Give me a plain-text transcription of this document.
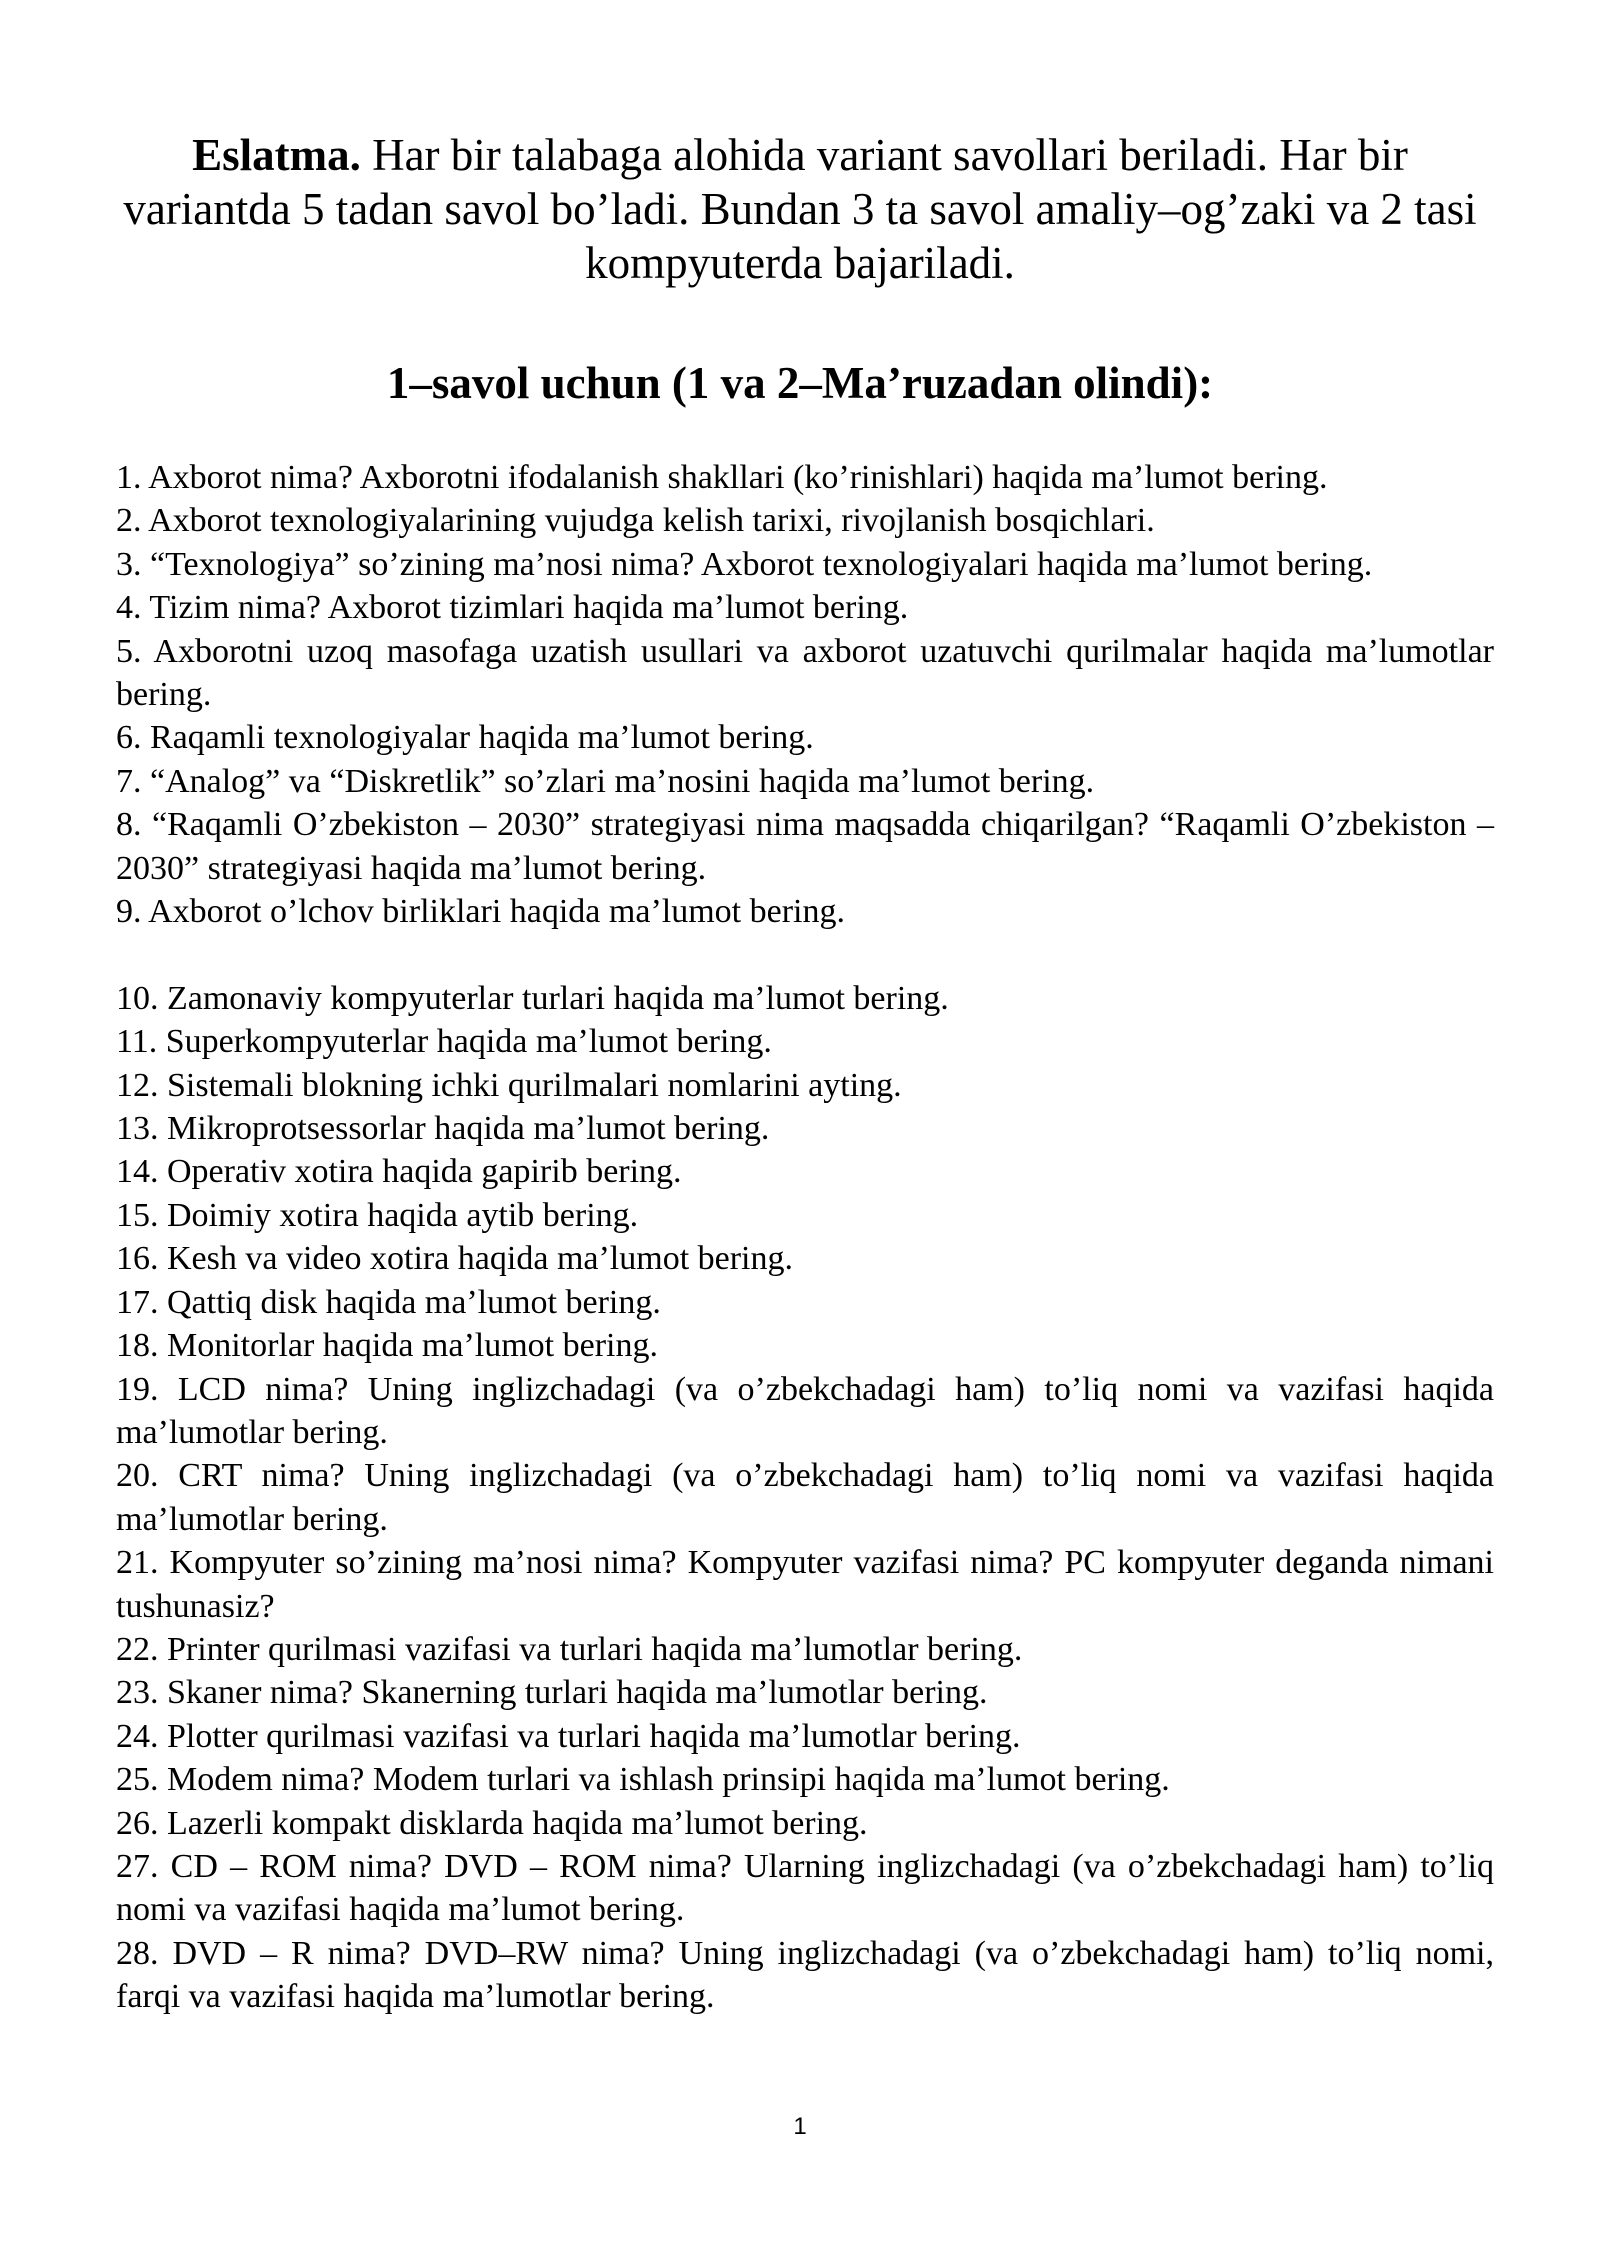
Eslatma. Har bir talabaga alohida variant savollari beriladi. Har bir variantda 5 tadan savol bo’ladi. Bundan 3 ta savol amaliy–og’zaki va 2 tasi kompyuterda bajariladi.
1–savol uchun (1 va 2–Ma’ruzadan olindi):

1. Axborot nima? Axborotni ifodalanish shakllari (ko’rinishlari) haqida ma’lumot bering.

2. Axborot texnologiyalarining vujudga kelish tarixi, rivojlanish bosqichlari.

3. “Texnologiya” so’zining ma’nosi nima? Axborot texnologiyalari haqida ma’lumot bering.

4. Tizim nima? Axborot tizimlari haqida ma’lumot bering.

5. Axborotni uzoq masofaga uzatish usullari va axborot uzatuvchi qurilmalar haqida ma’lumotlar bering.

6. Raqamli texnologiyalar haqida ma’lumot bering.

7. “Analog” va “Diskretlik” so’zlari ma’nosini haqida ma’lumot bering.

8. “Raqamli O’zbekiston – 2030” strategiyasi nima maqsadda chiqarilgan? “Raqamli O’zbekiston – 2030” strategiyasi haqida ma’lumot bering.

9. Axborot o’lchov birliklari haqida ma’lumot bering.

10. Zamonaviy kompyuterlar turlari haqida ma’lumot bering.

11. Superkompyuterlar haqida ma’lumot bering.

12. Sistemali blokning ichki qurilmalari nomlarini ayting.

13. Mikroprotsessorlar haqida ma’lumot bering.

14. Operativ xotira haqida gapirib bering.

15. Doimiy xotira haqida aytib bering.

16. Kesh va video xotira haqida ma’lumot bering.

17. Qattiq disk haqida ma’lumot bering.

18. Monitorlar haqida ma’lumot bering.

19. LCD nima? Uning inglizchadagi (va o’zbekchadagi ham) to’liq nomi va vazifasi haqida ma’lumotlar bering.

20. CRT nima? Uning inglizchadagi (va o’zbekchadagi ham) to’liq nomi va vazifasi haqida ma’lumotlar bering.

21. Kompyuter so’zining ma’nosi nima? Kompyuter vazifasi nima? PC kompyuter deganda nimani tushunasiz?

22. Printer qurilmasi vazifasi va turlari haqida ma’lumotlar bering.

23. Skaner nima? Skanerning turlari haqida ma’lumotlar bering.

24. Plotter qurilmasi vazifasi va turlari haqida ma’lumotlar bering.

25. Modem nima? Modem turlari va ishlash prinsipi haqida ma’lumot bering.

26. Lazerli kompakt disklarda haqida ma’lumot bering.

27. CD – ROM nima? DVD – ROM nima? Ularning inglizchadagi (va o’zbekchadagi ham) to’liq nomi va vazifasi haqida ma’lumot bering.

28. DVD – R nima? DVD–RW nima? Uning inglizchadagi (va o’zbekchadagi ham) to’liq nomi, farqi va vazifasi haqida ma’lumotlar bering.

1
